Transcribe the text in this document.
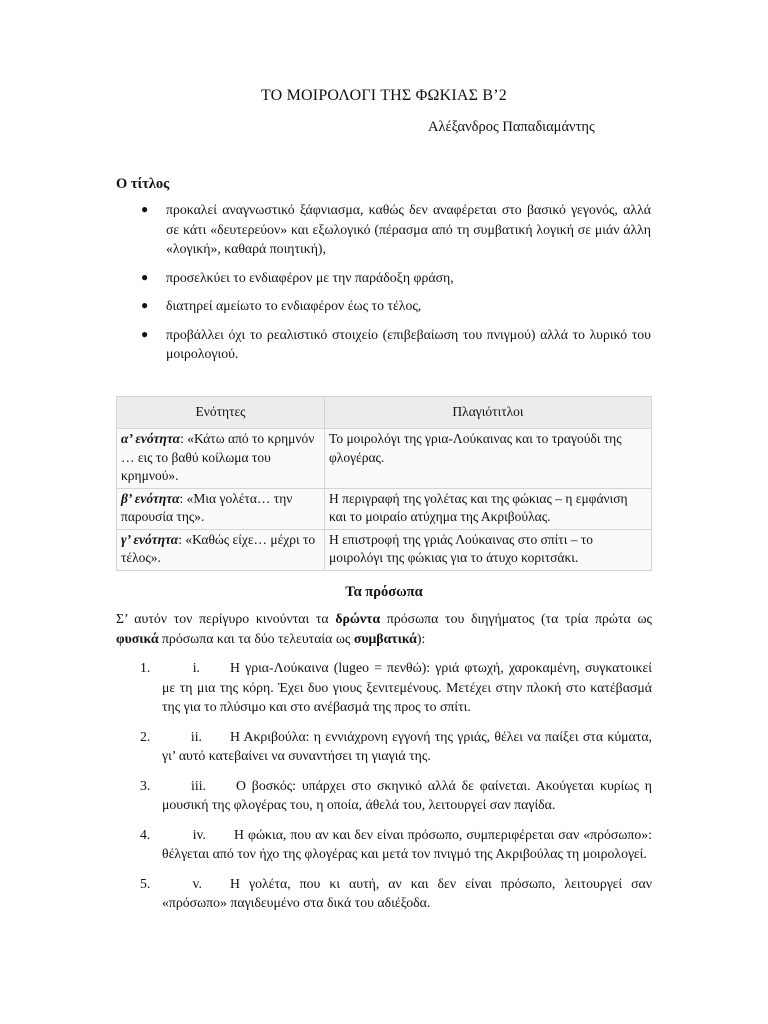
ΤΟ ΜΟΙΡΟΛΟΓΙ ΤΗΣ ΦΩΚΙΑΣ Β’2
Αλέξανδρος Παπαδιαμάντης
Ο τίτλος
● προκαλεί αναγνωστικό ξάφνιασμα, καθώς δεν αναφέρεται στο βασικό γεγονός, αλλά σε κάτι «δευτερεύον» και εξωλογικό (πέρασμα από τη συμβατική λογική σε μιάν άλλη «λογική», καθαρά ποιητική),
● προσελκύει το ενδιαφέρον με την παράδοξη φράση,
● διατηρεί αμείωτο το ενδιαφέρον έως το τέλος,
● προβάλλει όχι το ρεαλιστικό στοιχείο (επιβεβαίωση του πνιγμού) αλλά το λυρικό του μοιρολογιού.
Ενότητες	Πλαγιότιτλοι
α’ ενότητα: «Κάτω από το κρημνόν … εις το βαθύ κοίλωμα του κρημνού».	Το μοιρολόγι της γρια-Λούκαινας και το τραγούδι της φλογέρας.
β’ ενότητα: «Μια γολέτα… την παρουσία της».	Η περιγραφή της γολέτας και της φώκιας – η εμφάνιση και το μοιραίο ατύχημα της Ακριβούλας.
γ’ ενότητα: «Καθώς είχε… μέχρι το τέλος».	Η επιστροφή της γριάς Λούκαινας στο σπίτι – το μοιρολόγι της φώκιας για το άτυχο κοριτσάκι.
Τα πρόσωπα
Σ’ αυτόν τον περίγυρο κινούνται τα δρώντα πρόσωπα του διηγήματος (τα τρία πρώτα ως φυσικά πρόσωπα και τα δύο τελευταία ως συμβατικά):
1.	i. Η γρια-Λούκαινα (lugeo = πενθώ): γριά φτωχή, χαροκαμένη, συγκατοικεί με τη μια της κόρη. Έχει δυο γιους ξενιτεμένους. Μετέχει στην πλοκή στο κατέβασμά της για το πλύσιμο και στο ανέβασμά της προς το σπίτι.
2.	ii. Η Ακριβούλα: η εννιάχρονη εγγονή της γριάς, θέλει να παίξει στα κύματα, γι’ αυτό κατεβαίνει να συναντήσει τη γιαγιά της.
3.	iii. Ο βοσκός: υπάρχει στο σκηνικό αλλά δε φαίνεται. Ακούγεται κυρίως η μουσική της φλογέρας του, η οποία, άθελά του, λειτουργεί σαν παγίδα.
4.	iv. Η φώκια, που αν και δεν είναι πρόσωπο, συμπεριφέρεται σαν «πρόσωπο»: θέλγεται από τον ήχο της φλογέρας και μετά τον πνιγμό της Ακριβούλας τη μοιρολογεί.
5.	v. Η γολέτα, που κι αυτή, αν και δεν είναι πρόσωπο, λειτουργεί σαν «πρόσωπο» παγιδευμένο στα δικά του αδιέξοδα.
